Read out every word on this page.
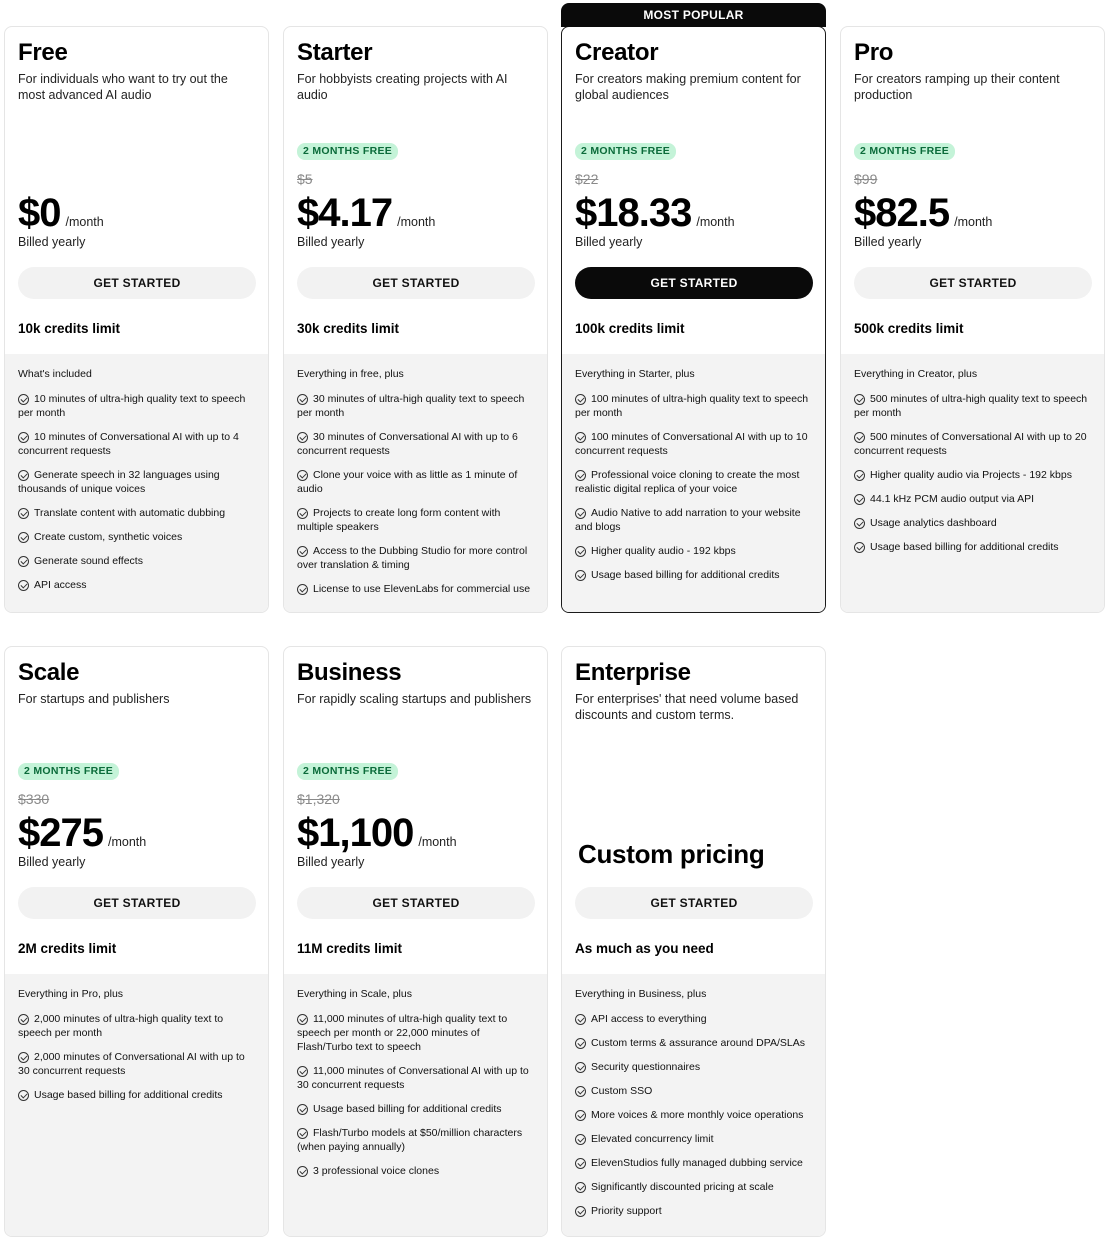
Free
For individuals who want to try out the most advanced AI audio
$0 /month
Billed yearly
GET STARTED
10k credits limit
What's included
10 minutes of ultra-high quality text to speech per month
10 minutes of Conversational AI with up to 4 concurrent requests
Generate speech in 32 languages using thousands of unique voices
Translate content with automatic dubbing
Create custom, synthetic voices
Generate sound effects
API access
Starter
For hobbyists creating projects with AI audio
2 MONTHS FREE
$5
$4.17 /month
Billed yearly
GET STARTED
30k credits limit
Everything in free, plus
30 minutes of ultra-high quality text to speech per month
30 minutes of Conversational AI with up to 6 concurrent requests
Clone your voice with as little as 1 minute of audio
Projects to create long form content with multiple speakers
Access to the Dubbing Studio for more control over translation & timing
License to use ElevenLabs for commercial use
MOST POPULAR
Creator
For creators making premium content for global audiences
2 MONTHS FREE
$22
$18.33 /month
Billed yearly
GET STARTED
100k credits limit
Everything in Starter, plus
100 minutes of ultra-high quality text to speech per month
100 minutes of Conversational AI with up to 10 concurrent requests
Professional voice cloning to create the most realistic digital replica of your voice
Audio Native to add narration to your website and blogs
Higher quality audio - 192 kbps
Usage based billing for additional credits
Pro
For creators ramping up their content production
2 MONTHS FREE
$99
$82.5 /month
Billed yearly
GET STARTED
500k credits limit
Everything in Creator, plus
500 minutes of ultra-high quality text to speech per month
500 minutes of Conversational AI with up to 20 concurrent requests
Higher quality audio via Projects - 192 kbps
44.1 kHz PCM audio output via API
Usage analytics dashboard
Usage based billing for additional credits
Scale
For startups and publishers
2 MONTHS FREE
$330
$275 /month
Billed yearly
GET STARTED
2M credits limit
Everything in Pro, plus
2,000 minutes of ultra-high quality text to speech per month
2,000 minutes of Conversational AI with up to 30 concurrent requests
Usage based billing for additional credits
Business
For rapidly scaling startups and publishers
2 MONTHS FREE
$1,320
$1,100 /month
Billed yearly
GET STARTED
11M credits limit
Everything in Scale, plus
11,000 minutes of ultra-high quality text to speech per month or 22,000 minutes of Flash/Turbo text to speech
11,000 minutes of Conversational AI with up to 30 concurrent requests
Usage based billing for additional credits
Flash/Turbo models at $50/million characters (when paying annually)
3 professional voice clones
Enterprise
For enterprises' that need volume based discounts and custom terms.
Custom pricing
GET STARTED
As much as you need
Everything in Business, plus
API access to everything
Custom terms & assurance around DPA/SLAs
Security questionnaires
Custom SSO
More voices & more monthly voice operations
Elevated concurrency limit
ElevenStudios fully managed dubbing service
Significantly discounted pricing at scale
Priority support
